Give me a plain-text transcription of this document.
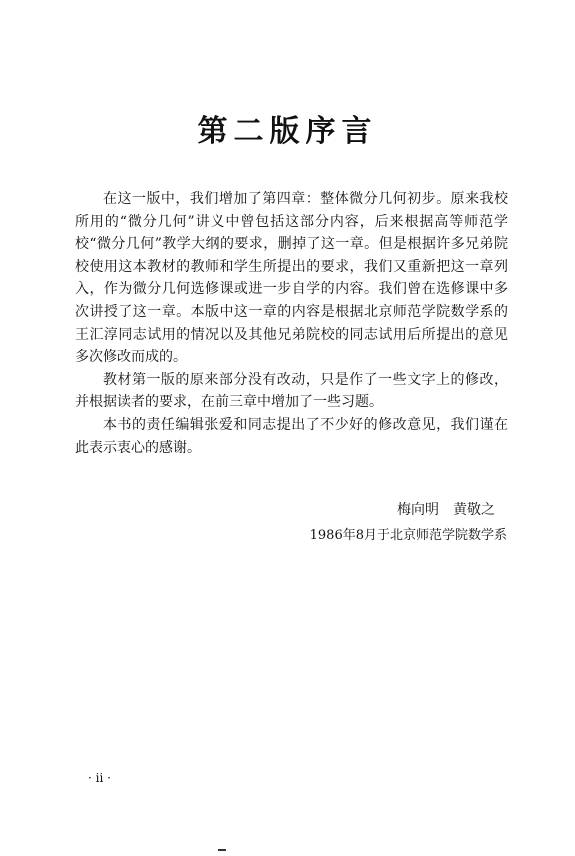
第二版序言

在这一版中，我们增加了第四章：整体微分几何初步。原来我校所用的“微分几何”讲义中曾包括这部分内容，后来根据高等师范学校“微分几何”教学大纲的要求，删掉了这一章。但是根据许多兄弟院校使用这本教材的教师和学生所提出的要求，我们又重新把这一章列入，作为微分几何选修课或进一步自学的内容。我们曾在选修课中多次讲授了这一章。本版中这一章的内容是根据北京师范学院数学系的王汇淳同志试用的情况以及其他兄弟院校的同志试用后所提出的意见多次修改而成的。

教材第一版的原来部分没有改动，只是作了一些文字上的修改，并根据读者的要求，在前三章中增加了一些习题。

本书的责任编辑张爱和同志提出了不少好的修改意见，我们谨在此表示衷心的感谢。

梅向明 黄敬之
1986年8月于北京师范学院数学系
· ii ·
